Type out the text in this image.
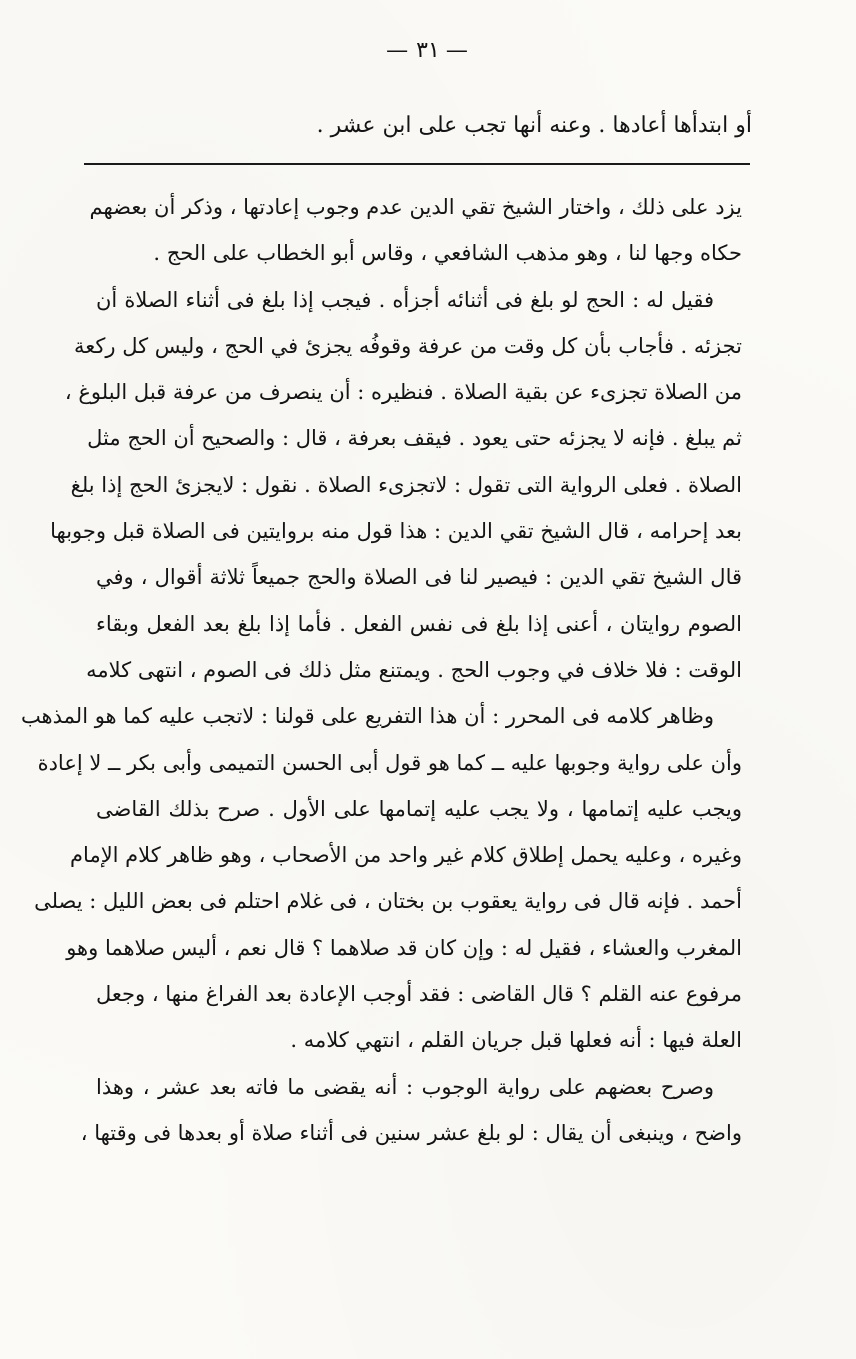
—٣١—
أو ابتدأها أعادها . وعنه أنها تجب على ابن عشر .
يزد على ذلك ، واختار الشيخ تقي الدين عدم وجوب إعادتها ، وذكر أن بعضهم
حكاه وجها لنا ، وهو مذهب الشافعي ، وقاس أبو الخطاب على الحج .
فقيل له : الحج لو بلغ فى أثنائه أجزأه . فيجب إذا بلغ فى أثناء الصلاة أن
تجزئه . فأجاب بأن كل وقت من عرفة وقوفُه يجزئ في الحج ، وليس كل ركعة
من الصلاة تجزىء عن بقية الصلاة . فنظيره : أن ينصرف من عرفة قبل البلوغ ،
ثم يبلغ . فإنه لا يجزئه حتى يعود . فيقف بعرفة ، قال : والصحيح أن الحج مثل
الصلاة . فعلى الرواية التى تقول : لاتجزىء الصلاة . نقول : لايجزئ الحج إذا بلغ
بعد إحرامه ، قال الشيخ تقي الدين : هذا قول منه بروايتين فى الصلاة قبل وجوبها
قال الشيخ تقي الدين : فيصير لنا فى الصلاة والحج جميعاً ثلاثة أقوال ، وفي
الصوم روايتان ، أعنى إذا بلغ فى نفس الفعل . فأما إذا بلغ بعد الفعل وبقاء
الوقت : فلا خلاف في وجوب الحج . ويمتنع مثل ذلك فى الصوم ، انتهى كلامه
وظاهر كلامه فى المحرر : أن هذا التفريع على قولنا : لاتجب عليه كما هو المذهب
وأن على رواية وجوبها عليه ــ كما هو قول أبى الحسن التميمى وأبى بكر ــ لا إعادة
ويجب عليه إتمامها ، ولا يجب عليه إتمامها على الأول . صرح بذلك القاضى
وغيره ، وعليه يحمل إطلاق كلام غير واحد من الأصحاب ، وهو ظاهر كلام الإمام
أحمد . فإنه قال فى رواية يعقوب بن بختان ، فى غلام احتلم فى بعض الليل : يصلى
المغرب والعشاء ، فقيل له : وإن كان قد صلاهما ؟ قال نعم ، أليس صلاهما وهو
مرفوع عنه القلم ؟ قال القاضى : فقد أوجب الإعادة بعد الفراغ منها ، وجعل
العلة فيها : أنه فعلها قبل جريان القلم ، انتهي كلامه .
وصرح بعضهم على رواية الوجوب : أنه يقضى ما فاته بعد عشر ، وهذا
واضح ، وينبغى أن يقال : لو بلغ عشر سنين فى أثناء صلاة أو بعدها فى وقتها ،
